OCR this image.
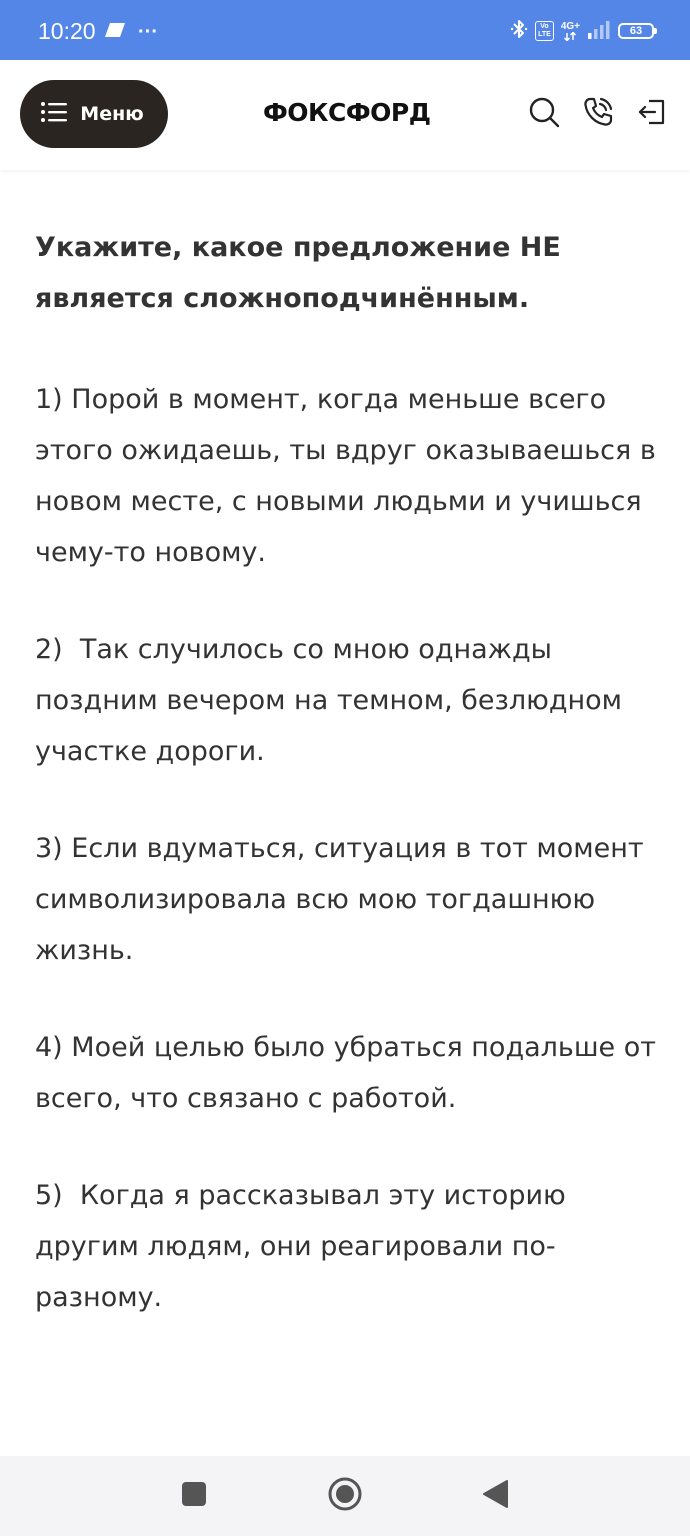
10:20 ···	Vo
LTE
4G+	63
Меню	ФОКСФОРД

Укажите, какое предложение НЕ является сложноподчинённым.

1) Порой в момент, когда меньше всего этого ожидаешь, ты вдруг оказываешься в новом месте, с новыми людьми и учишься чему-то новому.

2)  Так случилось со мною однажды поздним вечером на темном, безлюдном участке дороги.

3) Если вдуматься, ситуация в тот момент символизировала всю мою тогдашнюю жизнь.

4) Моей целью было убраться подальше от всего, что связано с работой.

5)  Когда я рассказывал эту историю другим людям, они реагировали по-разному.
